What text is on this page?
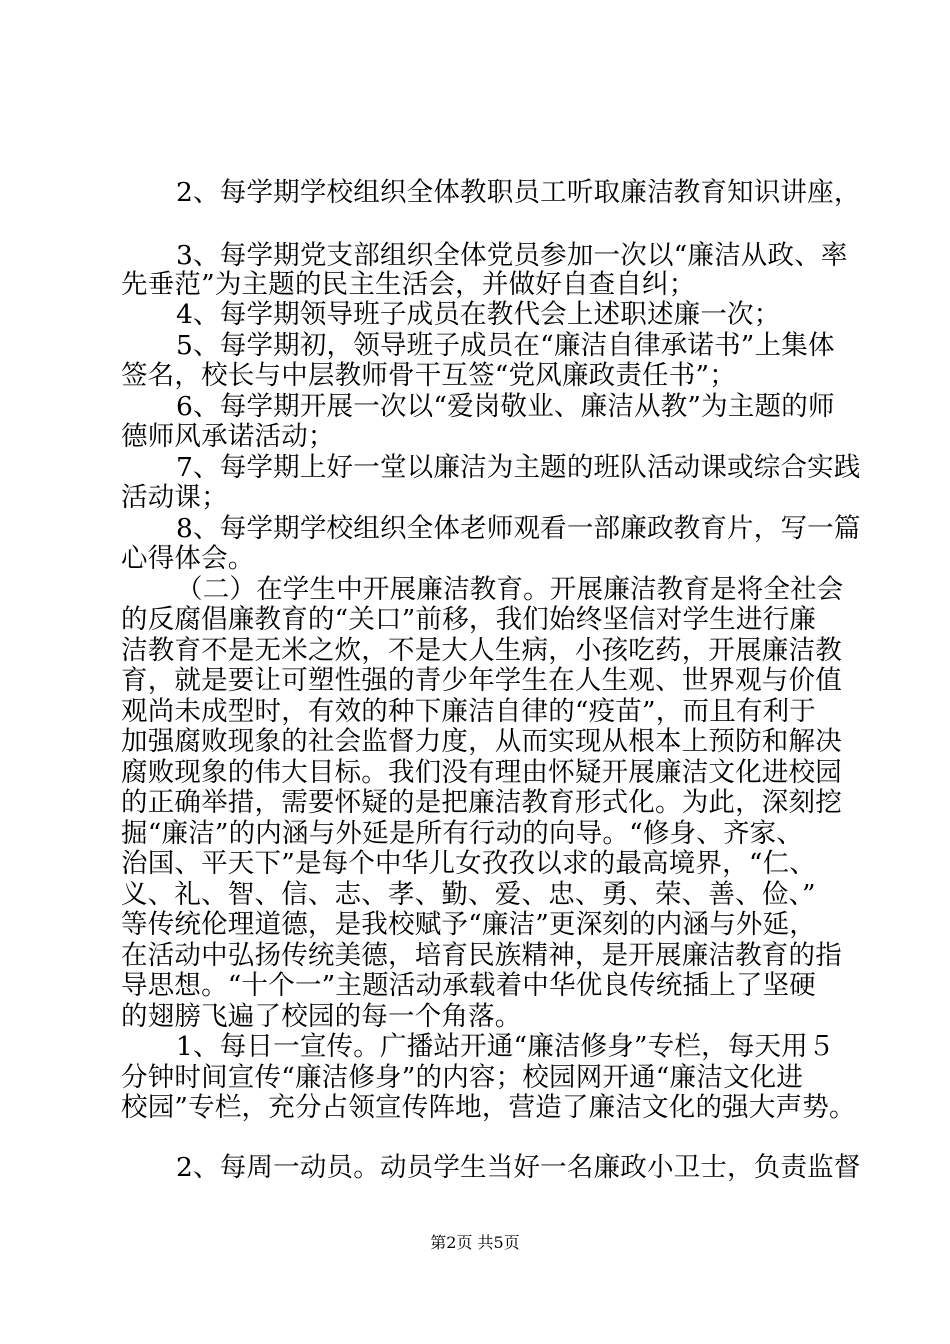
2、每学期学校组织全体教职员工听取廉洁教育知识讲座，
3、每学期党支部组织全体党员参加一次以“廉洁从政、率
先垂范”为主题的民主生活会，并做好自查自纠；
4、每学期领导班子成员在教代会上述职述廉一次；
5、每学期初，领导班子成员在“廉洁自律承诺书”上集体
签名，校长与中层教师骨干互签“党风廉政责任书”；
6、每学期开展一次以“爱岗敬业、廉洁从教”为主题的师
德师风承诺活动；
7、每学期上好一堂以廉洁为主题的班队活动课或综合实践
活动课；
8、每学期学校组织全体老师观看一部廉政教育片，写一篇
心得体会。
（二）在学生中开展廉洁教育。开展廉洁教育是将全社会
的反腐倡廉教育的“关口”前移，我们始终坚信对学生进行廉
洁教育不是无米之炊，不是大人生病，小孩吃药，开展廉洁教
育，就是要让可塑性强的青少年学生在人生观、世界观与价值
观尚未成型时，有效的种下廉洁自律的“疫苗”，而且有利于
加强腐败现象的社会监督力度，从而实现从根本上预防和解决
腐败现象的伟大目标。我们没有理由怀疑开展廉洁文化进校园
的正确举措，需要怀疑的是把廉洁教育形式化。为此，深刻挖
掘“廉洁”的内涵与外延是所有行动的向导。“修身、齐家、
治国、平天下”是每个中华儿女孜孜以求的最高境界，“仁、
义、礼、智、信、志、孝、勤、爱、忠、勇、荣、善、俭、”
等传统伦理道德，是我校赋予“廉洁”更深刻的内涵与外延，
在活动中弘扬传统美德，培育民族精神，是开展廉洁教育的指
导思想。“十个一”主题活动承载着中华优良传统插上了坚硬
的翅膀飞遍了校园的每一个角落。
1、每日一宣传。广播站开通“廉洁修身”专栏，每天用５
分钟时间宣传“廉洁修身”的内容；校园网开通“廉洁文化进
校园”专栏，充分占领宣传阵地，营造了廉洁文化的强大声势。
2、每周一动员。动员学生当好一名廉政小卫士，负责监督
第2页 共5页
